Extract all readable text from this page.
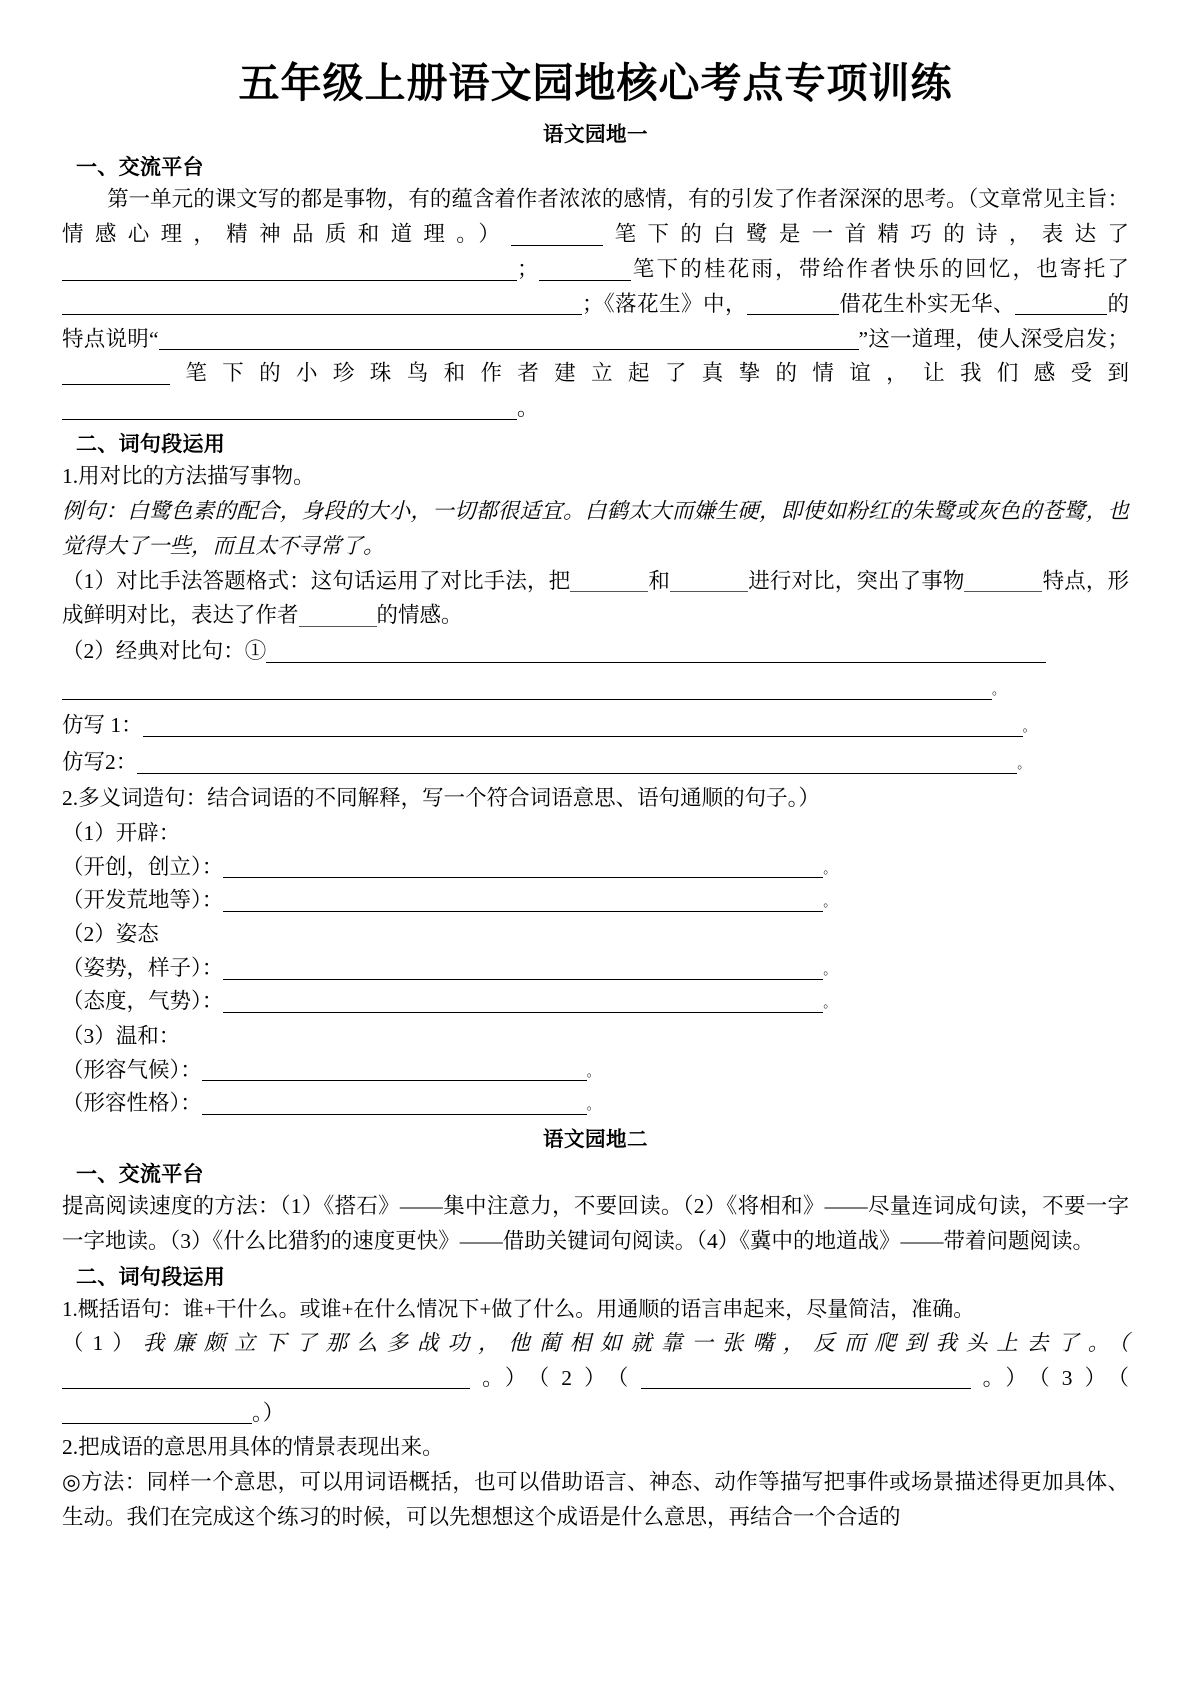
五年级上册语文园地核心考点专项训练
语文园地一
一、交流平台
第一单元的课文写的都是事物，有的蕴含着作者浓浓的感情，有的引发了作者深深的思考。（文章常见主旨：情感心理，精神品质和道理。）	笔下的白鹭是一首精巧的诗，表达了；	笔下的桂花雨，带给作者快乐的回忆，也寄托了；《落花生》中，	借花生朴实无华、	的特点说明“	”这一道理，使人深受启发；笔下的小珍珠鸟和作者建立起了真挚的情谊，让我们感受到。
二、词句段运用
1.用对比的方法描写事物。
例句：白鹭色素的配合，身段的大小，一切都很适宜。白鹤太大而嫌生硬，即使如粉红的朱鹭或灰色的苍鹭，也觉得大了一些，而且太不寻常了。
（1）对比手法答题格式：这句话运用了对比手法，把	和	进行对比，突出了事物	特点，形成鲜明对比，表达了作者	的情感。
（2）经典对比句：①
。
仿写 1：	。
仿写2：	。
2.多义词造句：结合词语的不同解释，写一个符合词语意思、语句通顺的句子。）
（1）开辟：
（开创，创立）：	。
（开发荒地等）：	。
（2）姿态
（姿势，样子）：	。
（态度，气势）：	。
（3）温和：
（形容气候）：	。
（形容性格）：	。
语文园地二
一、交流平台
提高阅读速度的方法：（1）《搭石》——集中注意力，不要回读。（2）《将相和》——尽量连词成句读，不要一字一字地读。（3）《什么比猎豹的速度更快》——借助关键词句阅读。（4）《冀中的地道战》——带着问题阅读。
二、词句段运用
1.概括语句：谁+干什么。或谁+在什么情况下+做了什么。用通顺的语言串起来，尽量简洁，准确。
（1）我廉颇立下了那么多战功，他蔺相如就靠一张嘴，反而爬到我头上去了。（。）（2）（	。）（3）（。）
2.把成语的意思用具体的情景表现出来。
◎方法：同样一个意思，可以用词语概括，也可以借助语言、神态、动作等描写把事件或场景描述得更加具体、生动。我们在完成这个练习的时候，可以先想想这个成语是什么意思，再结合一个合适的
